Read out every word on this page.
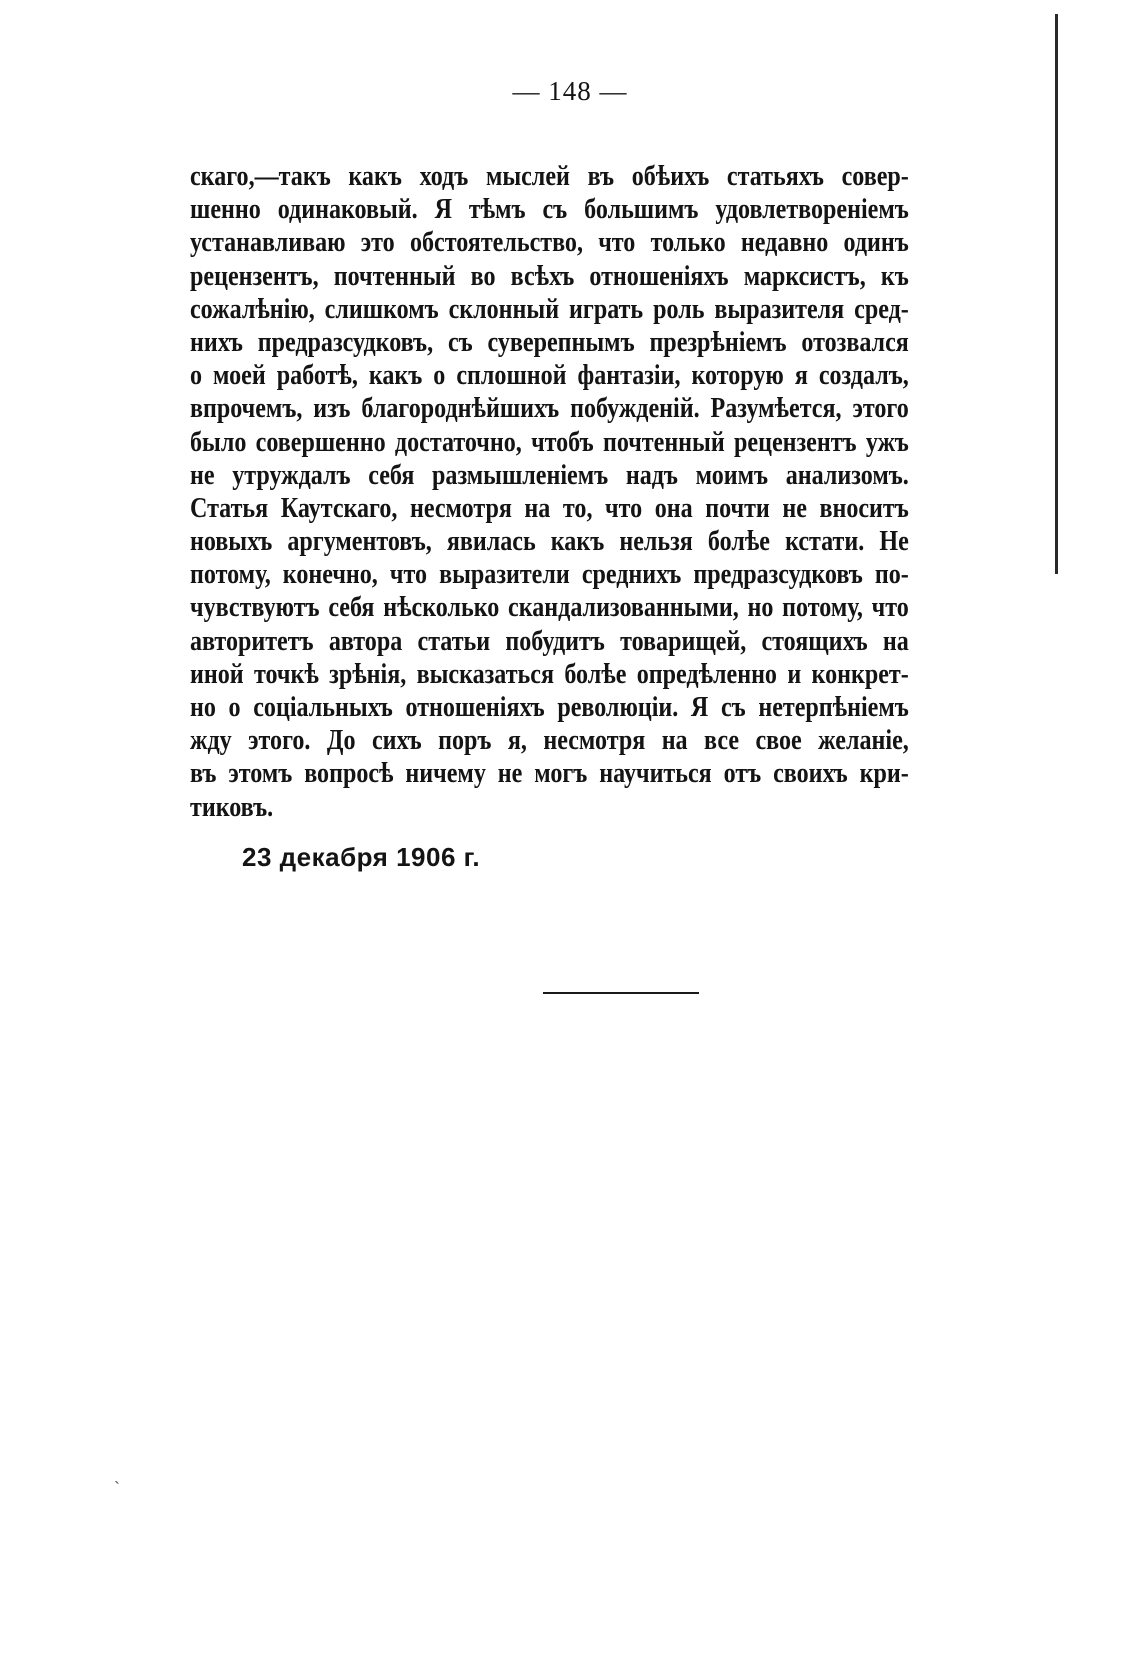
— 148 —
скаго,—такъ какъ ходъ мыслей въ обѣихъ статьяхъ совер-
шенно одинаковый. Я тѣмъ съ большимъ удовлетвореніемъ
устанавливаю это обстоятельство, что только недавно одинъ
рецензентъ, почтенный во всѣхъ отношеніяхъ марксистъ, къ
сожалѣнію, слишкомъ склонный играть роль выразителя сред-
нихъ предразсудковъ, съ суверепнымъ презрѣніемъ отозвался
о моей работѣ, какъ о сплошной фантазіи, которую я создалъ,
впрочемъ, изъ благороднѣйшихъ побужденій. Разумѣется, этого
было совершенно достаточно, чтобъ почтенный рецензентъ ужъ
не утруждалъ себя размышленіемъ надъ моимъ анализомъ.
Статья Каутскаго, несмотря на то, что она почти не вноситъ
новыхъ аргументовъ, явилась какъ нельзя болѣе кстати. Не
потому, конечно, что выразители среднихъ предразсудковъ по-
чувствуютъ себя нѣсколько скандализованными, но потому, что
авторитетъ автора статьи побудитъ товарищей, стоящихъ на
иной точкѣ зрѣнія, высказаться болѣе опредѣленно и конкрет-
но о соціальныхъ отношеніяхъ революціи. Я съ нетерпѣніемъ
жду этого. До сихъ поръ я, несмотря на все свое желаніе,
въ этомъ вопросѣ ничему не могъ научиться отъ своихъ кри-
тиковъ.
23 декабря 1906 г.
ˋ
